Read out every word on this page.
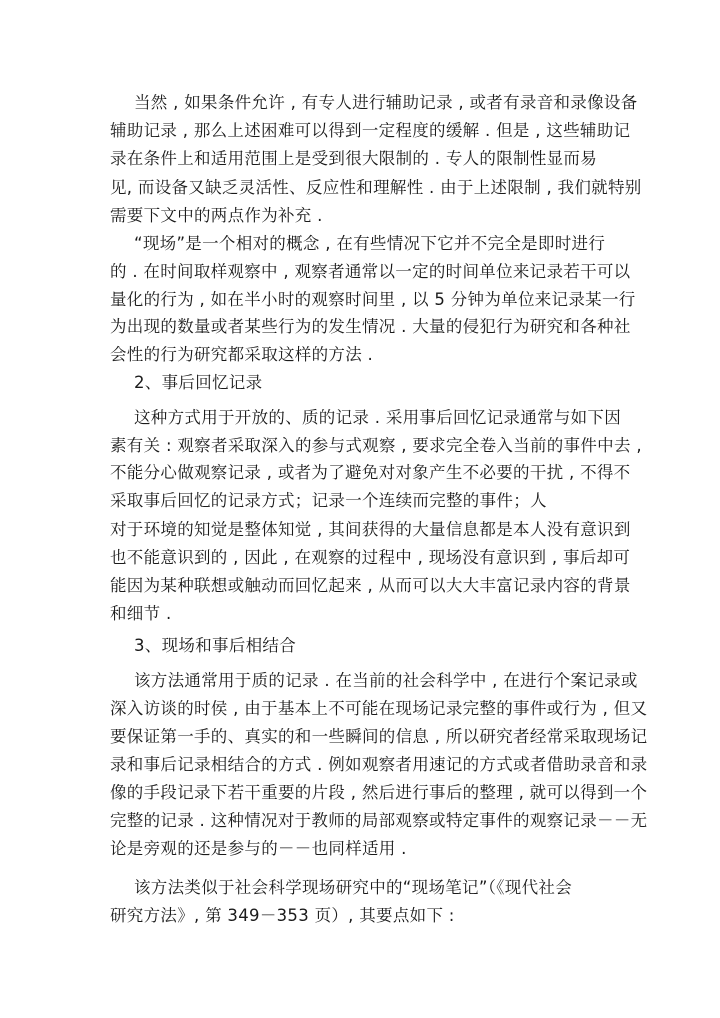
当然 , 如果条件允许 , 有专人进行辅助记录 , 或者有录音和录像设备
辅助记录 , 那么上述困难可以得到一定程度的缓解 . 但是 , 这些辅助记
录在条件上和适用范围上是受到很大限制的 . 专人的限制性显而易
见, 而设备又缺乏灵活性、反应性和理解性 . 由于上述限制 , 我们就特别
需要下文中的两点作为补充 .
“现场”是一个相对的概念 , 在有些情况下它并不完全是即时进行
的 . 在时间取样观察中 , 观察者通常以一定的时间单位来记录若干可以
量化的行为 , 如在半小时的观察时间里 , 以 5 分钟为单位来记录某一行
为出现的数量或者某些行为的发生情况 . 大量的侵犯行为研究和各种社
会性的行为研究都采取这样的方法 .
2、事后回忆记录
这种方式用于开放的、质的记录 . 采用事后回忆记录通常与如下因
素有关 : 观察者采取深入的参与式观察 , 要求完全卷入当前的事件中去 ,
不能分心做观察记录 , 或者为了避免对对象产生不必要的干扰 , 不得不
采取事后回忆的记录方式；记录一个连续而完整的事件；人
对于环境的知觉是整体知觉 , 其间获得的大量信息都是本人没有意识到
也不能意识到的 , 因此 , 在观察的过程中 , 现场没有意识到 , 事后却可
能因为某种联想或触动而回忆起来 , 从而可以大大丰富记录内容的背景
和细节 .
3、现场和事后相结合
该方法通常用于质的记录 . 在当前的社会科学中 , 在进行个案记录或
深入访谈的时侯 , 由于基本上不可能在现场记录完整的事件或行为 , 但又
要保证第一手的、真实的和一些瞬间的信息 , 所以研究者经常采取现场记
录和事后记录相结合的方式 . 例如观察者用速记的方式或者借助录音和录
像的手段记录下若干重要的片段 , 然后进行事后的整理 , 就可以得到一个
完整的记录 . 这种情况对于教师的局部观察或特定事件的观察记录－－无
论是旁观的还是参与的－－也同样适用 .
该方法类似于社会科学现场研究中的“现场笔记”（《现代社会
研究方法》, 第 349－353 页）, 其要点如下 :
